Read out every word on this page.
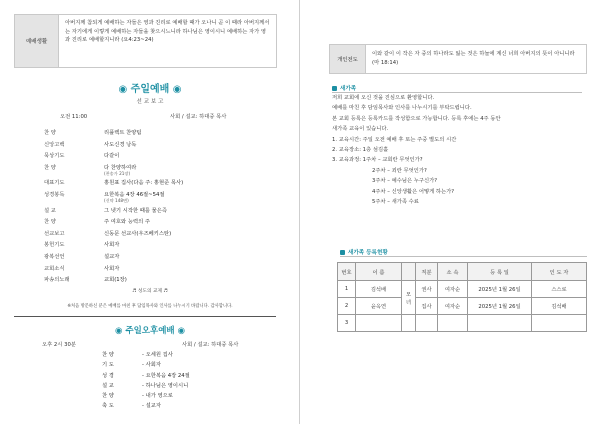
예배생활
아버지께 참되게 예배하는 자들은 영과 진리로 예배할 때가 오나니 곧 이 때라 아버지께서는 자기에게 이렇게 예배하는 자들을 찾으시느니라 하나님은 영이시니 예배하는 자가 영과 진리로 예배할지니라 (요4:23~24)
◉ 주일예배 ◉
선 교 보 고
오전 11:00	사회 / 설교: 하대중 목사
찬 양	리플렉트 찬양팀
신앙고백	사도신경 낭독
묵상기도	다같이
찬 양	다 찬양하여라
(찬송가 21장)
대표기도	홍원표 집사(다음 주: 홍현준 목사)
성경봉독	요한복음 4장 46절~54절
(신약 148면)
설 교	그 넷기 시작한 때를 물은즉
찬 양	주 여호와 능력의 주
선교보고	신동문 선교사(우즈베키스탄)
봉헌기도	사회자
광복선언	설교자
교회소식	사회자
파송의노래	교회(1장)
♬ 성도의 교제 ♬
※처음 방문하신 분은 예배를 마친 후 담임목사와 인사를 나누시기 바랍니다. 감사합니다.
◉ 주일오후예배 ◉
오후 2시 30분	사회 / 설교: 하대중 목사
찬 양	- 오세원 집사
기 도	- 사회자
성 경	- 요한복음 4장 24절
설 교	- 하나님은 영이시니
찬 양	- 내가 영으로
축 도	- 설교자
개인전도
이와 같이 이 작은 자 중의 하나라도 잃는 것은 하늘에 계신 너희 아버지의 뜻이 아니니라 (마 18:14)
새가족
저희 교회에 오신 것을 진심으로 환영합니다.
예배를 마친 후 담임목사와 인사를 나누시기를 부탁드립니다.
본 교회 등록은 등록카드를 작성함으로 가능합니다. 등록 후에는 4주 동안
새가족 교육이 있습니다.
1. 교육시간: 주일 오전 예배 후 또는 주중 별도의 시간
2. 교육장소: 1층 섬김홀
3. 교육과정: 1주차 – 교회란 무엇인가?
2주차 – 죄란 무엇인가?
3주차 – 예수님은 누구신가?
4주차 – 신앙생활은 어떻게 하는가?
5주차 – 새가족 수료
새가족 등록현황
번호	이 름		직분	소 속	등 록 일	인 도 자
1	김석배	모녀	권사	여자순	2025년 1월 26일	스스로
2	윤옥연		집사	여자순	2025년 1월 26일	김석배
3						
